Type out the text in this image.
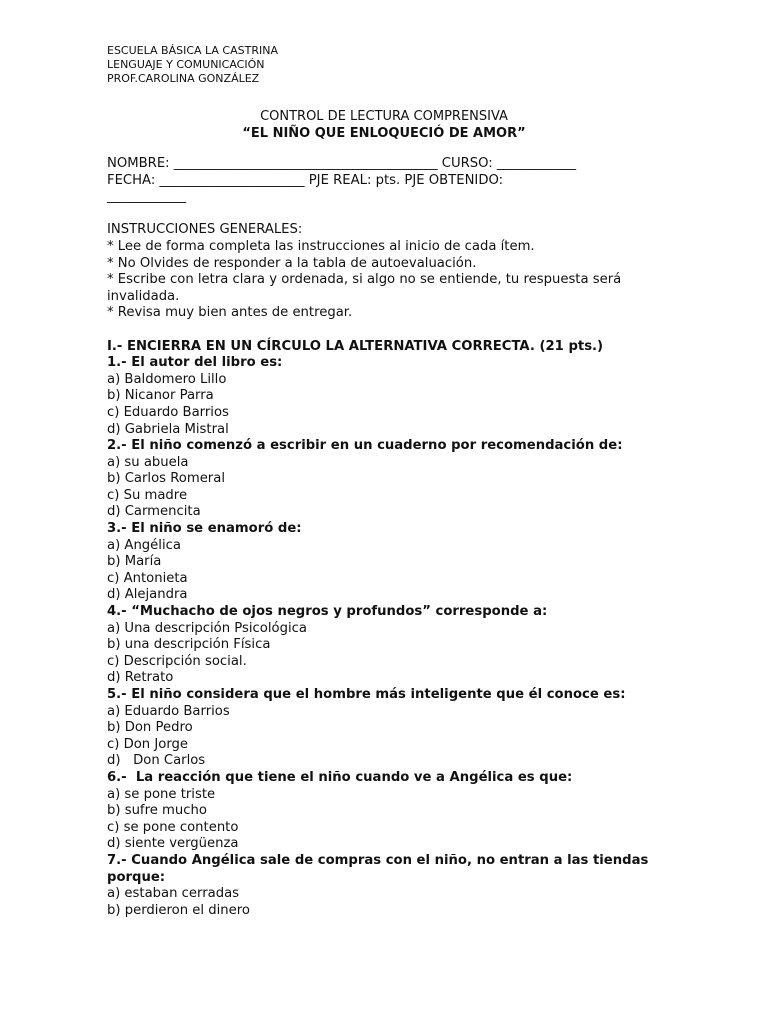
ESCUELA BÁSICA LA CASTRINA
LENGUAJE Y COMUNICACIÓN
PROF.CAROLINA GONZÁLEZ
CONTROL DE LECTURA COMPRENSIVA
“EL NIÑO QUE ENLOQUECIÓ DE AMOR”

NOMBRE: ________________________________________ CURSO: ____________

FECHA: ______________________ PJE REAL: pts. PJE OBTENIDO:

____________

INSTRUCCIONES GENERALES:

* Lee de forma completa las instrucciones al inicio de cada ítem.

* No Olvides de responder a la tabla de autoevaluación.

* Escribe con letra clara y ordenada, si algo no se entiende, tu respuesta será invalidada.

* Revisa muy bien antes de entregar.

I.- ENCIERRA EN UN CÍRCULO LA ALTERNATIVA CORRECTA. (21 pts.)

1.- El autor del libro es:

a) Baldomero Lillo

b) Nicanor Parra

c) Eduardo Barrios

d) Gabriela Mistral

2.- El niño comenzó a escribir en un cuaderno por recomendación de:

a) su abuela

b) Carlos Romeral

c) Su madre

d) Carmencita

3.- El niño se enamoró de:

a) Angélica

b) María

c) Antonieta

d) Alejandra

4.- “Muchacho de ojos negros y profundos” corresponde a:

a) Una descripción Psicológica

b) una descripción Física

c) Descripción social.

d) Retrato

5.- El niño considera que el hombre más inteligente que él conoce es:

a) Eduardo Barrios

b) Don Pedro

c) Don Jorge

d)   Don Carlos

6.-  La reacción que tiene el niño cuando ve a Angélica es que:

a) se pone triste

b) sufre mucho

c) se pone contento

d) siente vergüenza

7.- Cuando Angélica sale de compras con el niño, no entran a las tiendas porque:

a) estaban cerradas

b) perdieron el dinero
